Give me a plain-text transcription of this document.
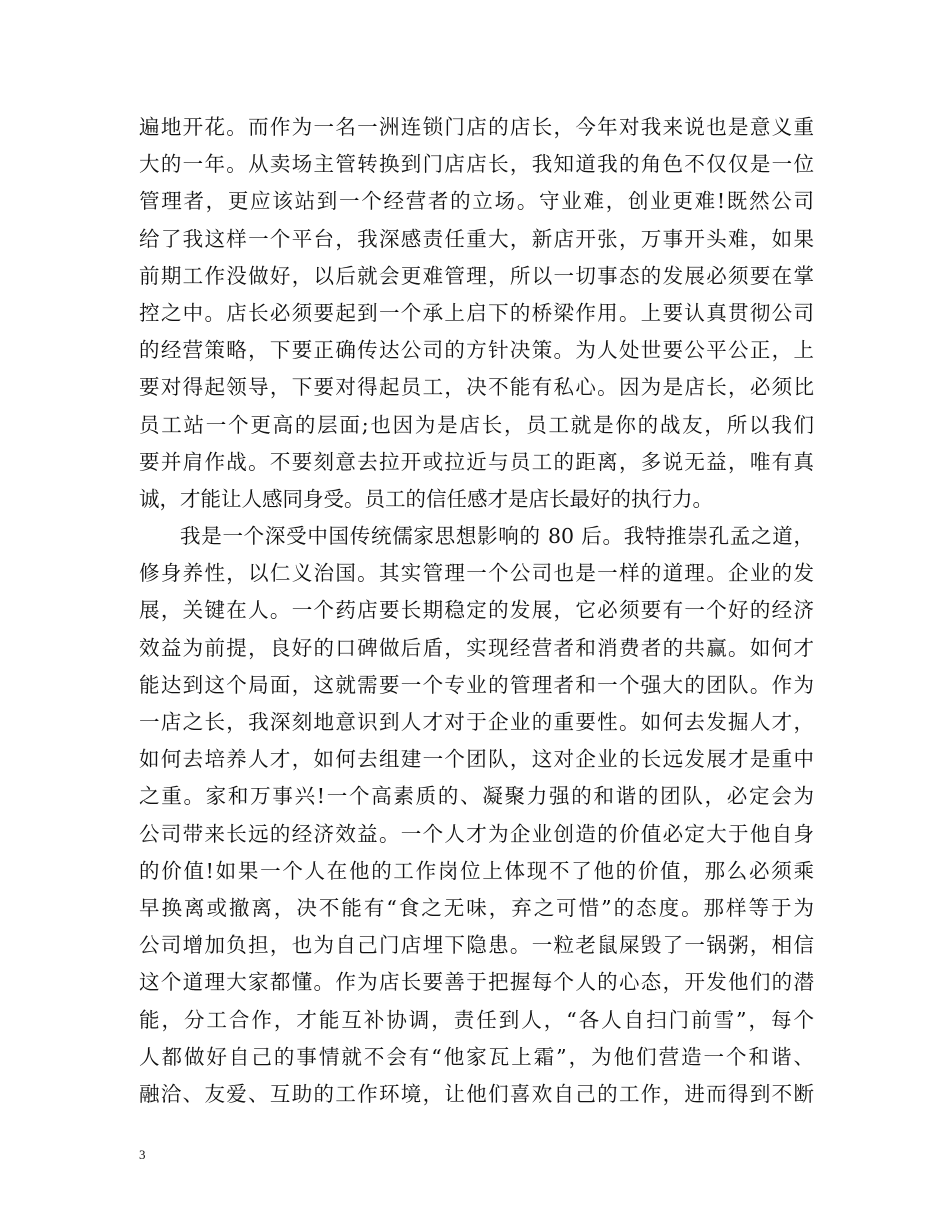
遍地开花。而作为一名一洲连锁门店的店长，今年对我来说也是意义重
大的一年。从卖场主管转换到门店店长，我知道我的角色不仅仅是一位
管理者，更应该站到一个经营者的立场。守业难，创业更难!既然公司
给了我这样一个平台，我深感责任重大，新店开张，万事开头难，如果
前期工作没做好，以后就会更难管理，所以一切事态的发展必须要在掌
控之中。店长必须要起到一个承上启下的桥梁作用。上要认真贯彻公司
的经营策略，下要正确传达公司的方针决策。为人处世要公平公正，上
要对得起领导，下要对得起员工，决不能有私心。因为是店长，必须比
员工站一个更高的层面;也因为是店长，员工就是你的战友，所以我们
要并肩作战。不要刻意去拉开或拉近与员工的距离，多说无益，唯有真
诚，才能让人感同身受。员工的信任感才是店长最好的执行力。
我是一个深受中国传统儒家思想影响的 80 后。我特推崇孔孟之道，
修身养性，以仁义治国。其实管理一个公司也是一样的道理。企业的发
展，关键在人。一个药店要长期稳定的发展，它必须要有一个好的经济
效益为前提，良好的口碑做后盾，实现经营者和消费者的共赢。如何才
能达到这个局面，这就需要一个专业的管理者和一个强大的团队。作为
一店之长，我深刻地意识到人才对于企业的重要性。如何去发掘人才，
如何去培养人才，如何去组建一个团队，这对企业的长远发展才是重中
之重。家和万事兴!一个高素质的、凝聚力强的和谐的团队，必定会为
公司带来长远的经济效益。一个人才为企业创造的价值必定大于他自身
的价值!如果一个人在他的工作岗位上体现不了他的价值，那么必须乘
早换离或撤离，决不能有“食之无味，弃之可惜”的态度。那样等于为
公司增加负担，也为自己门店埋下隐患。一粒老鼠屎毁了一锅粥，相信
这个道理大家都懂。作为店长要善于把握每个人的心态，开发他们的潜
能，分工合作，才能互补协调，责任到人，“各人自扫门前雪”，每个
人都做好自己的事情就不会有“他家瓦上霜”，为他们营造一个和谐、
融洽、友爱、互助的工作环境，让他们喜欢自己的工作，进而得到不断
3
